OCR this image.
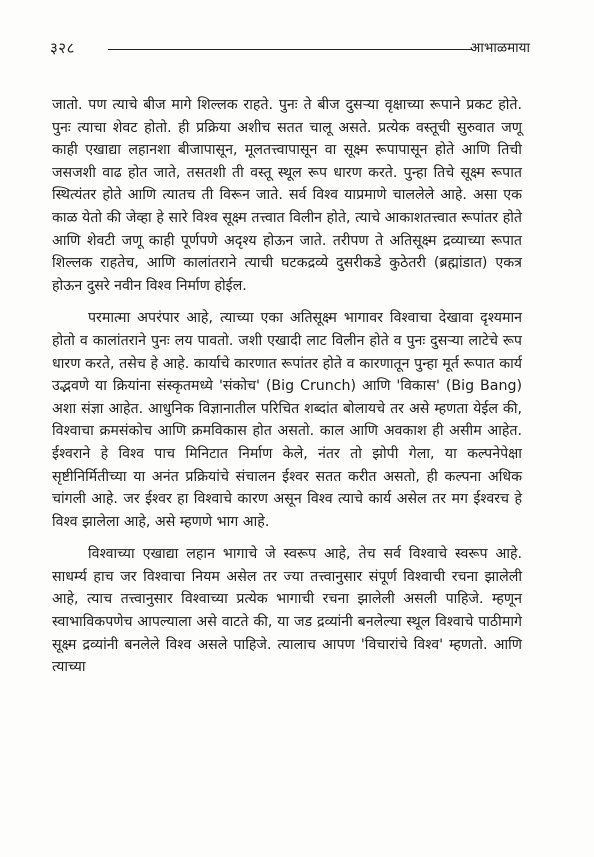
३२८	आभाळमाया

जातो. पण त्याचे बीज मागे शिल्लक राहते. पुनः ते बीज दुसऱ्या वृक्षाच्या रूपाने प्रकट होते. पुनः त्याचा शेवट होतो. ही प्रक्रिया अशीच सतत चालू असते. प्रत्येक वस्तूची सुरुवात जणू काही एखाद्या लहानशा बीजापासून, मूलतत्त्वापासून वा सूक्ष्म रूपापासून होते आणि तिची जसजशी वाढ होत जाते, तसतशी ती वस्तू स्थूल रूप धारण करते. पुन्हा तिचे सूक्ष्म रूपात स्थित्यंतर होते आणि त्यातच ती विरून जाते. सर्व विश्व याप्रमाणे चाललेले आहे. असा एक काळ येतो की जेव्हा हे सारे विश्व सूक्ष्म तत्त्वात विलीन होते, त्याचे आकाशतत्त्वात रूपांतर होते आणि शेवटी जणू काही पूर्णपणे अदृश्य होऊन जाते. तरीपण ते अतिसूक्ष्म द्रव्याच्या रूपात शिल्लक राहतेच, आणि कालांतराने त्याची घटकद्रव्ये दुसरीकडे कुठेतरी (ब्रह्मांडात) एकत्र होऊन दुसरे नवीन विश्व निर्माण होईल.

परमात्मा अपरंपार आहे, त्याच्या एका अतिसूक्ष्म भागावर विश्वाचा देखावा दृश्यमान होतो व कालांतराने पुनः लय पावतो. जशी एखादी लाट विलीन होते व पुनः दुसऱ्या लाटेचे रूप धारण करते, तसेच हे आहे. कार्याचे कारणात रूपांतर होते व कारणातून पुन्हा मूर्त रूपात कार्य उद्भवणे या क्रियांना संस्कृतमध्ये 'संकोच' (Big Crunch) आणि 'विकास' (Big Bang) अशा संज्ञा आहेत. आधुनिक विज्ञानातील परिचित शब्दांत बोलायचे तर असे म्हणता येईल की, विश्वाचा क्रमसंकोच आणि क्रमविकास होत असतो. काल आणि अवकाश ही असीम आहेत. ईश्वराने हे विश्व पाच मिनिटात निर्माण केले, नंतर तो झोपी गेला, या कल्पनेपेक्षा सृष्टीनिर्मितीच्या या अनंत प्रक्रियांचे संचालन ईश्वर सतत करीत असतो, ही कल्पना अधिक चांगली आहे. जर ईश्वर हा विश्वाचे कारण असून विश्व त्याचे कार्य असेल तर मग ईश्वरच हे विश्व झालेला आहे, असे म्हणणे भाग आहे.

विश्वाच्या एखाद्या लहान भागाचे जे स्वरूप आहे, तेच सर्व विश्वाचे स्वरूप आहे. साधर्म्य हाच जर विश्वाचा नियम असेल तर ज्या तत्त्वानुसार संपूर्ण विश्वाची रचना झालेली आहे, त्याच तत्त्वानुसार विश्वाच्या प्रत्येक भागाची रचना झालेली असली पाहिजे. म्हणून स्वाभाविकपणेच आपल्याला असे वाटते की, या जड द्रव्यांनी बनलेल्या स्थूल विश्वाचे पाठीमागे सूक्ष्म द्रव्यांनी बनलेले विश्व असले पाहिजे. त्यालाच आपण 'विचारांचे विश्व' म्हणतो. आणि त्याच्या
